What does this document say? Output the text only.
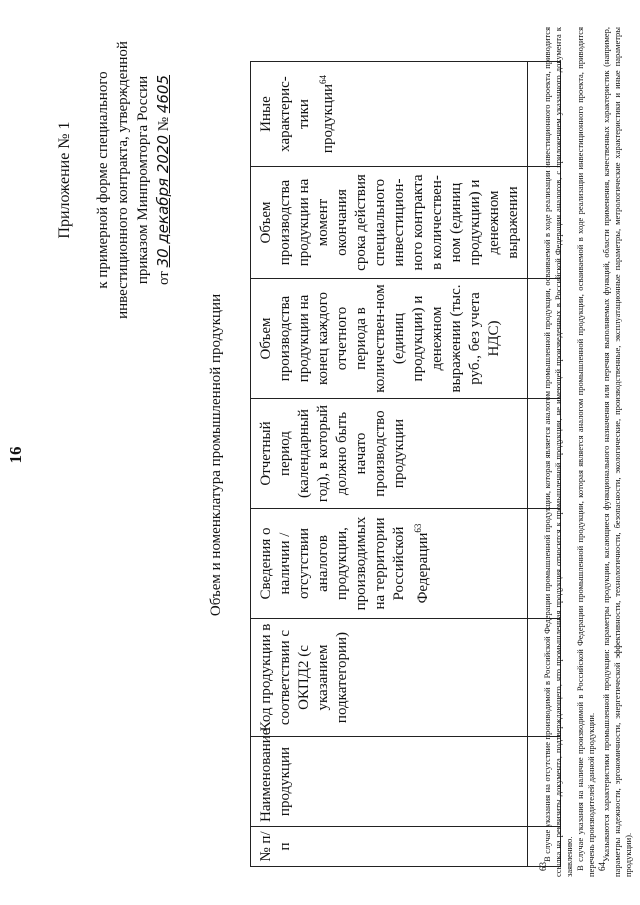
16
Приложение № 1 к примерной форме специального инвестиционного контракта, утвержденной приказом Минпромторга России от 30 декабря 2020 № 4605
Объем и номенклатура промышленной продукции
№ п/п	Наименование продукции	Код продукции в соответствии с ОКПД2 (с указанием подкатегории)	Сведения о наличии / отсутствии аналогов продукции, производимых на территории Российской Федерации$^{63}$	Отчетный период (календарный год), в который должно быть начато производство продукции	Объем производства продукции на конец каждого отчетного периода в количествен-ном (единиц продукции) и денежном выражении (тыс. руб., без учета НДС)	Объем производства продукции на момент окончания срока действия специального инвестицион-ного контракта в количествен-ном (единиц продукции) и денежном выражении	Иные характерис-тики продукции$^{64}$

$^{63}$В случае указания на отсутствие производимой в Российской Федерации промышленной продукции, которая является аналогом промышленной продукции, осваиваемой в ходе реализации инвестиционного проекта, приводится ссылка на реквизиты документа, подтверждающего, что промышленная продукция относится к промышленной продукции, не имеющей произведенных в Российской Федерации аналогов, с приложением указанного документа к заявлению. В случае указания на наличие производимой в Российской Федерации промышленной продукции, которая является аналогом промышленной продукции, осваиваемой в ходе реализации инвестиционного проекта, приводится перечень производителей данной продукции. $^{64}$Указываются характеристики промышленной продукции: параметры продукции, касающиеся функционального назначения или перечня выполняемых функций, области применения, качественных характеристик (например, параметры надежности, эргономичности, энергетической эффективности, технологичности, безопасности, экологические, производственные, эксплуатационные параметры, метрологические характеристики и иные параметры продукции).
